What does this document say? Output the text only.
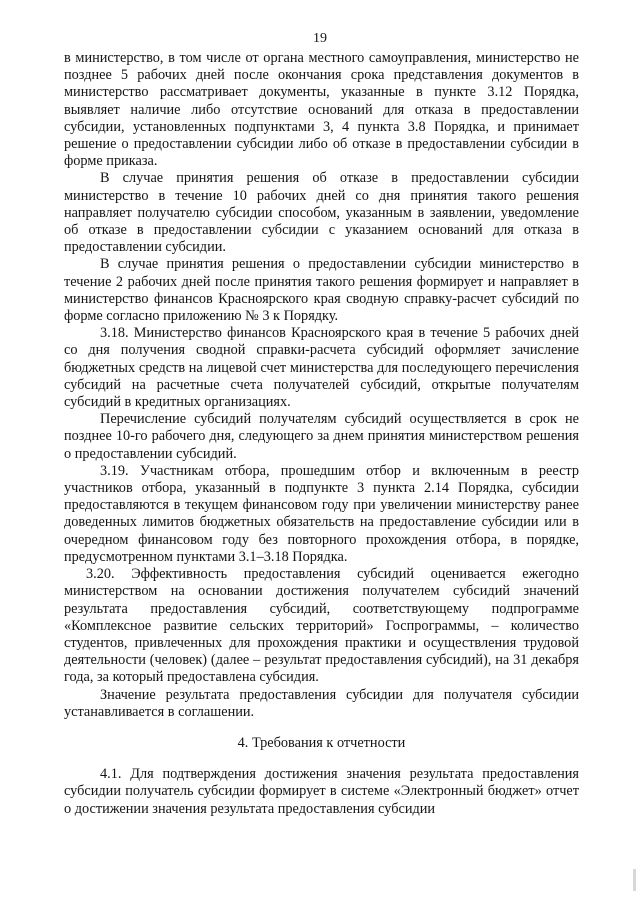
19

в министерство, в том числе от органа местного самоуправления, министерство не позднее 5 рабочих дней после окончания срока представления документов в министерство рассматривает документы, указанные в пункте 3.12 Порядка, выявляет наличие либо отсутствие оснований для отказа в предоставлении субсидии, установленных подпунктами 3, 4 пункта 3.8 Порядка, и принимает решение о предоставлении субсидии либо об отказе в предоставлении субсидии в форме приказа.

В случае принятия решения об отказе в предоставлении субсидии министерство в течение 10 рабочих дней со дня принятия такого решения направляет получателю субсидии способом, указанным в заявлении, уведомление об отказе в предоставлении субсидии с указанием оснований для отказа в предоставлении субсидии.

В случае принятия решения о предоставлении субсидии министерство в течение 2 рабочих дней после принятия такого решения формирует и направляет в министерство финансов Красноярского края сводную справку-расчет субсидий по форме согласно приложению № 3 к Порядку.

3.18. Министерство финансов Красноярского края в течение 5 рабочих дней со дня получения сводной справки-расчета субсидий оформляет зачисление бюджетных средств на лицевой счет министерства для последующего перечисления субсидий на расчетные счета получателей субсидий, открытые получателям субсидий в кредитных организациях.

Перечисление субсидий получателям субсидий осуществляется в срок не позднее 10-го рабочего дня, следующего за днем принятия министерством решения о предоставлении субсидий.

3.19. Участникам отбора, прошедшим отбор и включенным в реестр участников отбора, указанный в подпункте 3 пункта 2.14 Порядка, субсидии предоставляются в текущем финансовом году при увеличении министерству ранее доведенных лимитов бюджетных обязательств на предоставление субсидии или в очередном финансовом году без повторного прохождения отбора, в порядке, предусмотренном пунктами 3.1–3.18 Порядка.

3.20. Эффективность предоставления субсидий оценивается ежегодно министерством на основании достижения получателем субсидий значений результата предоставления субсидий, соответствующему подпрограмме «Комплексное развитие сельских территорий» Госпрограммы, – количество студентов, привлеченных для прохождения практики и осуществления трудовой деятельности (человек) (далее – результат предоставления субсидий), на 31 декабря года, за который предоставлена субсидия.

Значение результата предоставления субсидии для получателя субсидии устанавливается в соглашении.

4. Требования к отчетности

4.1. Для подтверждения достижения значения результата предоставления субсидии получатель субсидии формирует в системе «Электронный бюджет» отчет о достижении значения результата предоставления субсидии
